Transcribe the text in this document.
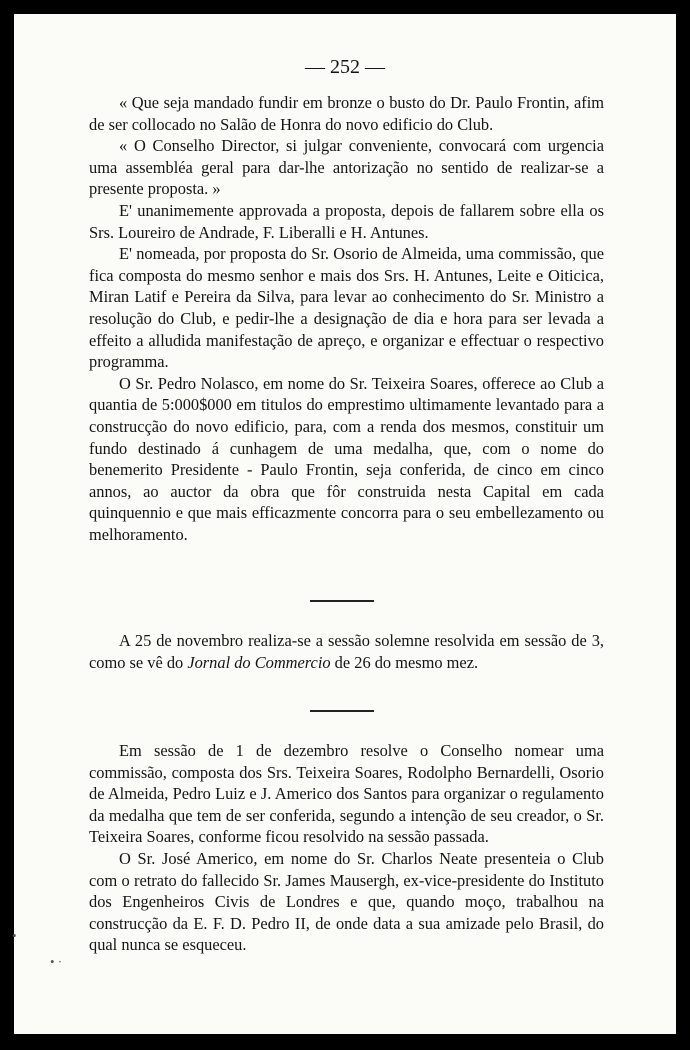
— 252 —

« Que seja mandado fundir em bronze o busto do Dr. Paulo Frontin, afim de ser collocado no Salão de Honra do novo edificio do Club.

« O Conselho Director, si julgar conveniente, convocará com urgencia uma assembléa geral para dar-lhe antorização no sentido de realizar-se a presente proposta. »

E' unanimemente approvada a proposta, depois de fallarem sobre ella os Srs. Loureiro de Andrade, F. Liberalli e H. Antunes.

E' nomeada, por proposta do Sr. Osorio de Almeida, uma commissão, que fica composta do mesmo senhor e mais dos Srs. H. Antunes, Leite e Oiticica, Miran Latif e Pereira da Silva, para levar ao conhecimento do Sr. Ministro a resolução do Club, e pedir-lhe a designação de dia e hora para ser levada a effeito a alludida manifestação de apreço, e organizar e effectuar o respectivo programma.

O Sr. Pedro Nolasco, em nome do Sr. Teixeira Soares, offerece ao Club a quantia de 5:000$000 em titulos do emprestimo ultimamente levantado para a construcção do novo edificio, para, com a renda dos mesmos, constituir um fundo destinado á cunhagem de uma medalha, que, com o nome do benemerito Presidente - Paulo Frontin, seja conferida, de cinco em cinco annos, ao auctor da obra que fôr construida nesta Capital em cada quinquennio e que mais efficazmente concorra para o seu embellezamento ou melhoramento.

A 25 de novembro realiza-se a sessão solemne resolvida em sessão de 3, como se vê do Jornal do Commercio de 26 do mesmo mez.

Em sessão de 1 de dezembro resolve o Conselho nomear uma commissão, composta dos Srs. Teixeira Soares, Rodolpho Bernardelli, Osorio de Almeida, Pedro Luiz e J. Americo dos Santos para organizar o regulamento da medalha que tem de ser conferida, segundo a intenção de seu creador, o Sr. Teixeira Soares, conforme ficou resolvido na sessão passada.

O Sr. José Americo, em nome do Sr. Charlos Neate presenteia o Club com o retrato do fallecido Sr. James Mausergh, ex-vice-presidente do Instituto dos Engenheiros Civis de Londres e que, quando moço, trabalhou na construcção da E. F. D. Pedro II, de onde data a sua amizade pelo Brasil, do qual nunca se esqueceu.

•
• ·
